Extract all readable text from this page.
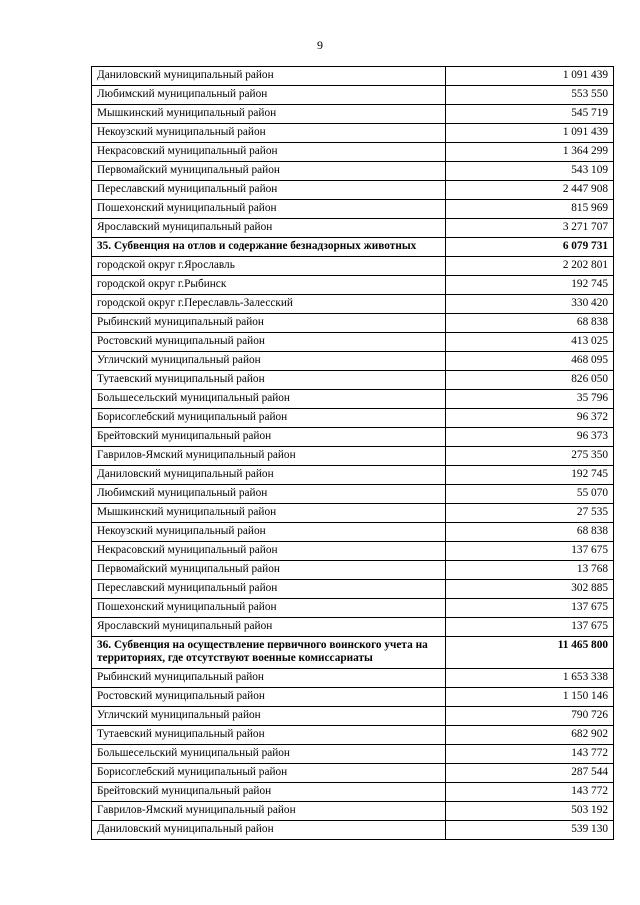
9
Даниловский муниципальный район	1 091 439
Любимский муниципальный район	553 550
Мышкинский муниципальный район	545 719
Некоузский муниципальный район	1 091 439
Некрасовский муниципальный район	1 364 299
Первомайский муниципальный район	543 109
Переславский муниципальный район	2 447 908
Пошехонский муниципальный район	815 969
Ярославский муниципальный район	3 271 707
35. Субвенция на отлов и содержание безнадзорных животных	6 079 731
городской округ г.Ярославль	2 202 801
городской округ г.Рыбинск	192 745
городской округ г.Переславль-Залесский	330 420
Рыбинский муниципальный район	68 838
Ростовский муниципальный район	413 025
Угличский муниципальный район	468 095
Тутаевский муниципальный район	826 050
Большесельский муниципальный район	35 796
Борисоглебский муниципальный район	96 372
Брейтовский муниципальный район	96 373
Гаврилов-Ямский муниципальный район	275 350
Даниловский муниципальный район	192 745
Любимский муниципальный район	55 070
Мышкинский муниципальный район	27 535
Некоузский муниципальный район	68 838
Некрасовский муниципальный район	137 675
Первомайский муниципальный район	13 768
Переславский муниципальный район	302 885
Пошехонский муниципальный район	137 675
Ярославский муниципальный район	137 675
36. Субвенция на осуществление первичного воинского учета на территориях, где отсутствуют военные комиссариаты	11 465 800
Рыбинский муниципальный район	1 653 338
Ростовский муниципальный район	1 150 146
Угличский муниципальный район	790 726
Тутаевский муниципальный район	682 902
Большесельский муниципальный район	143 772
Борисоглебский муниципальный район	287 544
Брейтовский муниципальный район	143 772
Гаврилов-Ямский муниципальный район	503 192
Даниловский муниципальный район	539 130
